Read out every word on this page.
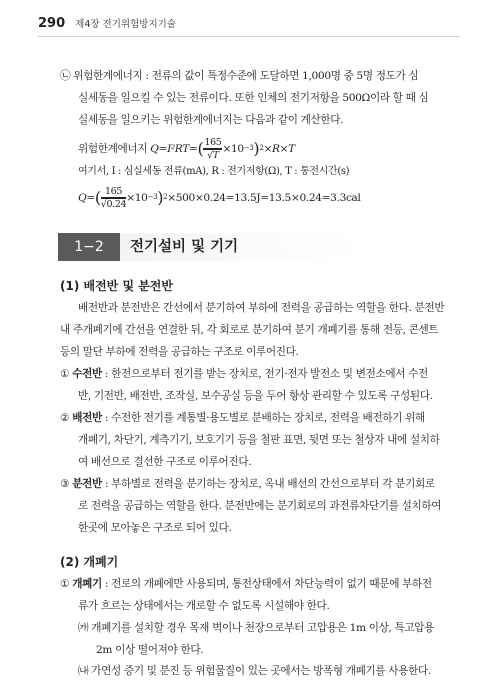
290 제4장 전기위험방지기술
㉡ 위험한계에너지 : 전류의 값이 특정수준에 도달하면 1,000명 중 5명 정도가 심
실세동을 일으킬 수 있는 전류이다. 또한 인체의 전기저항을 500Ω이라 할 때 심
실세동을 일으키는 위험한계에너지는 다음과 같이 계산한다.
위험한계에너지 $Q=I^2RT=( \frac{165}{√T} \times 10^{-3})^2\times R\times T$
여기서, I : 심실세동 전류(mA), R : 전기저항(Ω), T : 통전시간(s)
$Q=( \frac{165}{√0.24} \times 10^{-3})^2\times 500\times 0.24=13.5J=13.5\times 0.24=3.3cal$
1−2	전기설비 및 기기
(1) 배전반 및 분전반
배전반과 분전반은 간선에서 분기하여 부하에 전력을 공급하는 역할을 한다. 분전반
내 주개폐기에 간선을 연결한 뒤, 각 회로로 분기하여 분기 개폐기를 통해 전등, 콘센트
등의 말단 부하에 전력을 공급하는 구조로 이루어진다.
① 수전반 : 한전으로부터 전기를 받는 장치로, 전기·전자 발전소 및 변전소에서 수전
반, 기전반, 배전반, 조작실, 보수공실 등을 두어 항상 관리할 수 있도록 구성된다.
② 배전반 : 수전한 전기를 계통별·용도별로 분배하는 장치로, 전력을 배전하기 위해
개폐기, 차단기, 계측기기, 보호기기 등을 철판 표면, 뒷면 또는 철상자 내에 설치하
여 배선으로 결선한 구조로 이루어진다.
③ 분전반 : 부하별로 전력을 분기하는 장치로, 옥내 배선의 간선으로부터 각 분기회로
로 전력을 공급하는 역할을 한다. 분전반에는 분기회로의 과전류차단기를 설치하여
한곳에 모아놓은 구조로 되어 있다.
(2) 개폐기
① 개폐기 : 전로의 개폐에만 사용되며, 통전상태에서 차단능력이 없기 때문에 부하전
류가 흐르는 상태에서는 개로할 수 없도록 시설해야 한다.
㈎ 개폐기를 설치할 경우 목재 벽이나 천장으로부터 고압용은 1m 이상, 특고압용
2m 이상 떨어져야 한다.
㈏ 가연성 증기 및 분진 등 위험물질이 있는 곳에서는 방폭형 개폐기를 사용한다.
